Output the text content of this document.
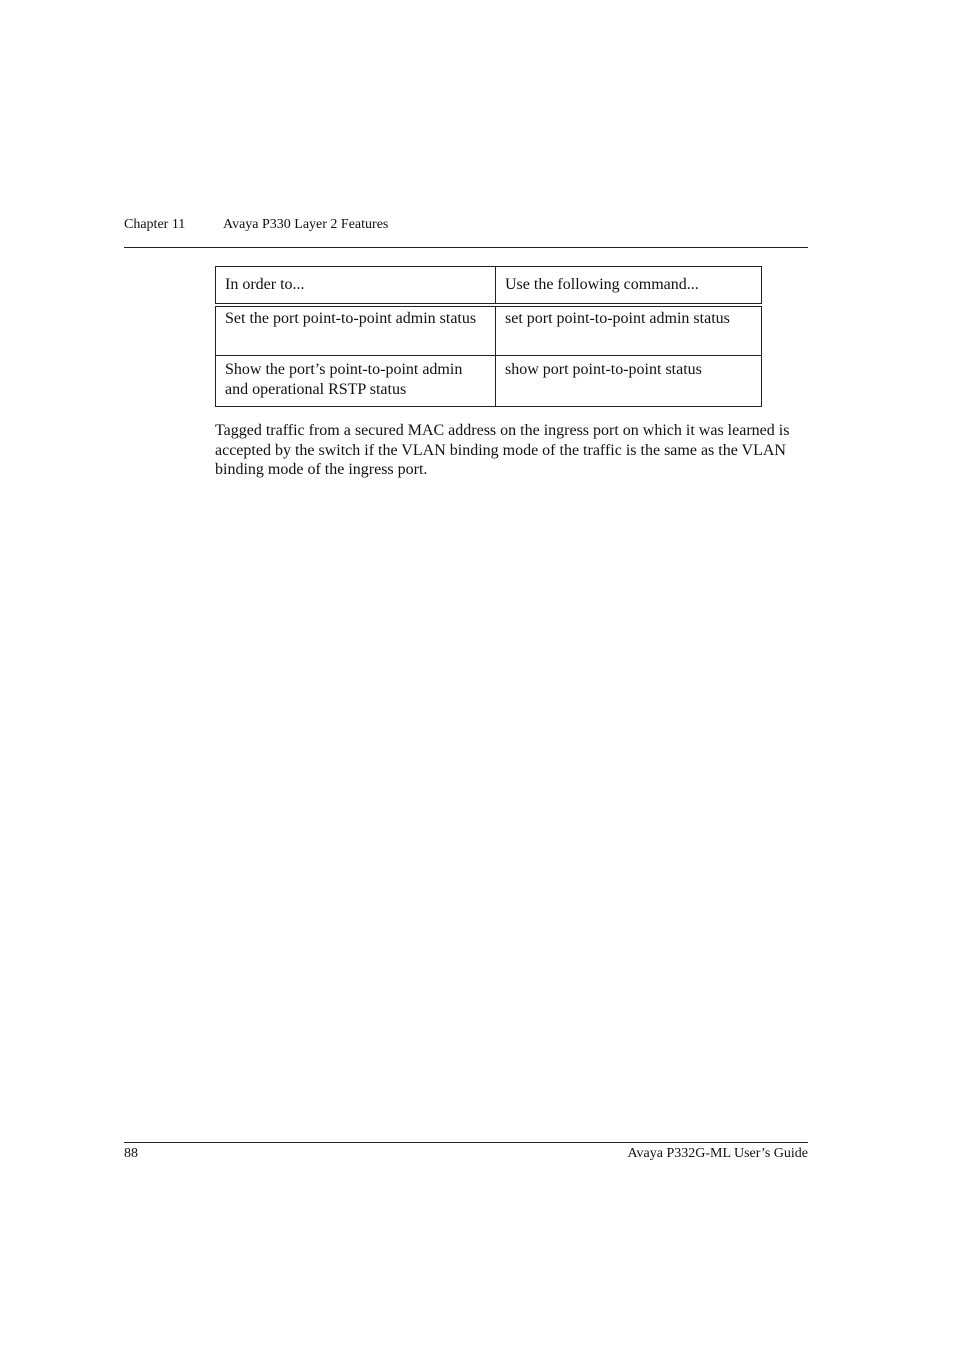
Chapter 11	Avaya P330 Layer 2 Features
In order to...	Use the following command...
Set the port point-to-point admin status	set port point-to-point admin status
Show the port’s point-to-point admin and operational RSTP status	show port point-to-point status

Tagged traffic from a secured MAC address on the ingress port on which it was learned is accepted by the switch if the VLAN binding mode of the traffic is the same as the VLAN binding mode of the ingress port.

88	Avaya P332G-ML User’s Guide
